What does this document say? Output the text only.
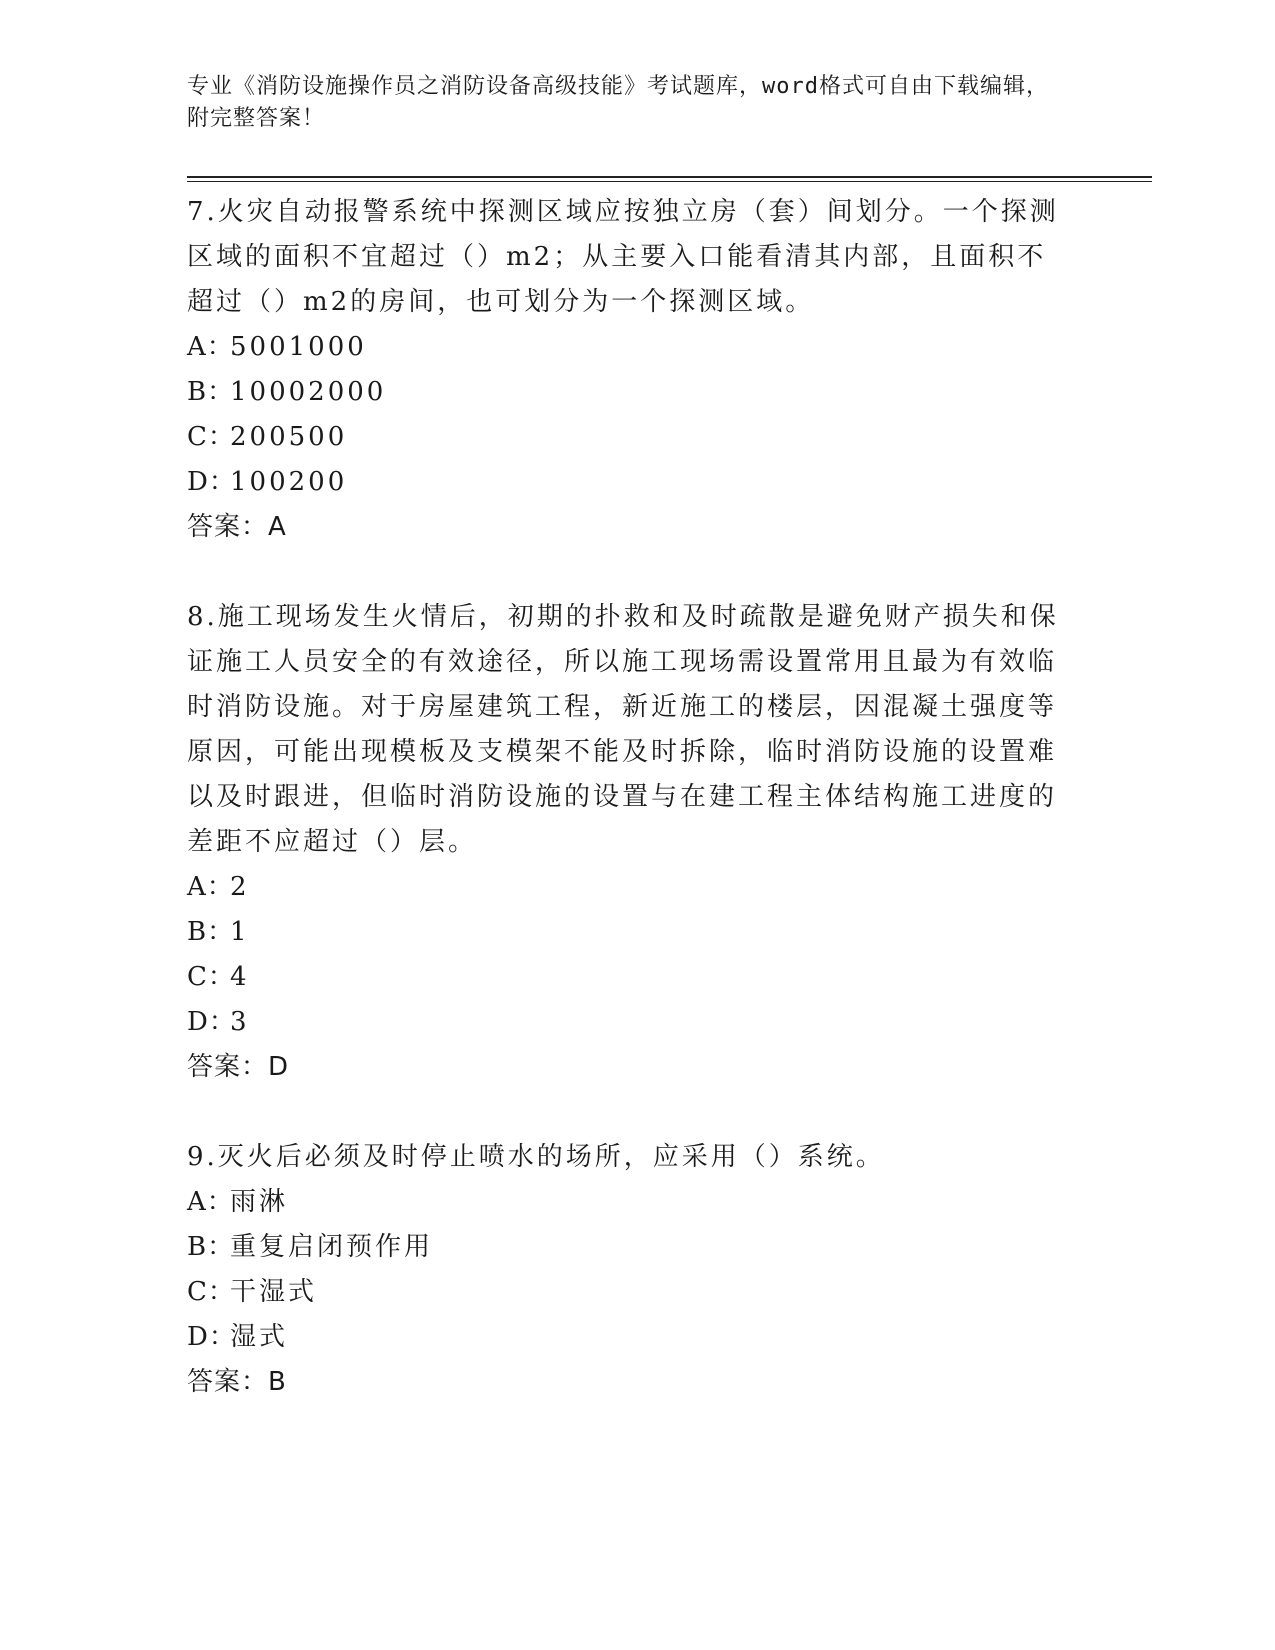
专业《消防设施操作员之消防设备高级技能》考试题库，word格式可自由下载编辑，附完整答案！

7.火灾自动报警系统中探测区域应按独立房（套）间划分。一个探测区域的面积不宜超过（）m2；从主要入口能看清其内部，且面积不超过（）m2的房间，也可划分为一个探测区域。

A：
5001000
B：
10002000
C：
200500
D：
100200

答案：A

8.施工现场发生火情后，初期的扑救和及时疏散是避免财产损失和保证施工人员安全的有效途径，所以施工现场需设置常用且最为有效临时消防设施。对于房屋建筑工程，新近施工的楼层，因混凝土强度等原因，可能出现模板及支模架不能及时拆除，临时消防设施的设置难以及时跟进，但临时消防设施的设置与在建工程主体结构施工进度的差距不应超过（）层。

A：
2
B：
1
C：
4
D：
3

答案：D

9.灭火后必须及时停止喷水的场所，应采用（）系统。

A：
雨淋
B：
重复启闭预作用
C：
干湿式
D：
湿式

答案：B
